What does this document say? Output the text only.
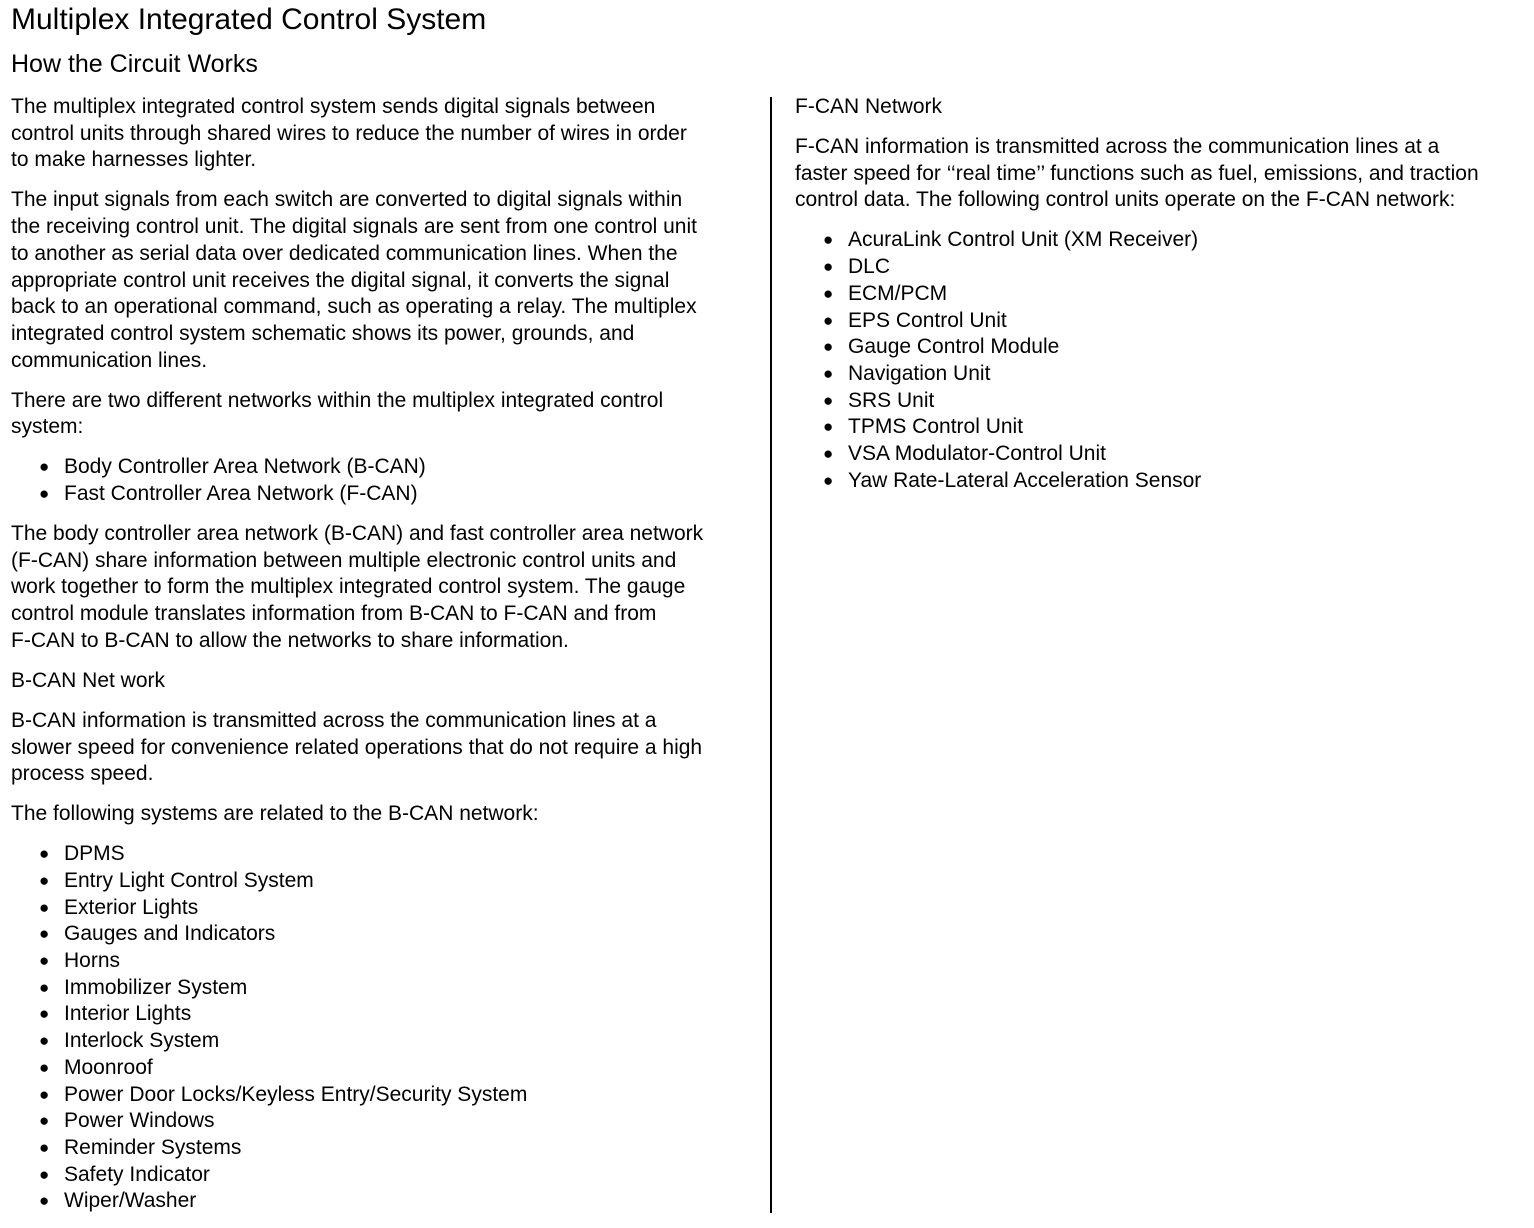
Multiplex Integrated Control System
How the Circuit Works

The multiplex integrated control system sends digital signals between
control units through shared wires to reduce the number of wires in order
to make harnesses lighter.

The input signals from each switch are converted to digital signals within
the receiving control unit. The digital signals are sent from one control unit
to another as serial data over dedicated communication lines. When the
appropriate control unit receives the digital signal, it converts the signal
back to an operational command, such as operating a relay. The multiplex
integrated control system schematic shows its power, grounds, and
communication lines.

There are two different networks within the multiplex integrated control
system:

● Body Controller Area Network (B-CAN)
● Fast Controller Area Network (F-CAN)

The body controller area network (B-CAN) and fast controller area network
(F-CAN) share information between multiple electronic control units and
work together to form the multiplex integrated control system. The gauge
control module translates information from B-CAN to F-CAN and from
F-CAN to B-CAN to allow the networks to share information.

B-CAN Net work

B-CAN information is transmitted across the communication lines at a
slower speed for convenience related operations that do not require a high
process speed.

The following systems are related to the B-CAN network:

● DPMS
● Entry Light Control System
● Exterior Lights
● Gauges and Indicators
● Horns
● Immobilizer System
● Interior Lights
● Interlock System
● Moonroof
● Power Door Locks/Keyless Entry/Security System
● Power Windows
● Reminder Systems
● Safety Indicator
● Wiper/Washer
F-CAN Network

F-CAN information is transmitted across the communication lines at a
faster speed for ‘‘real time’’ functions such as fuel, emissions, and traction
control data. The following control units operate on the F-CAN network:

● AcuraLink Control Unit (XM Receiver)
● DLC
● ECM/PCM
● EPS Control Unit
● Gauge Control Module
● Navigation Unit
● SRS Unit
● TPMS Control Unit
● VSA Modulator-Control Unit
● Yaw Rate-Lateral Acceleration Sensor
